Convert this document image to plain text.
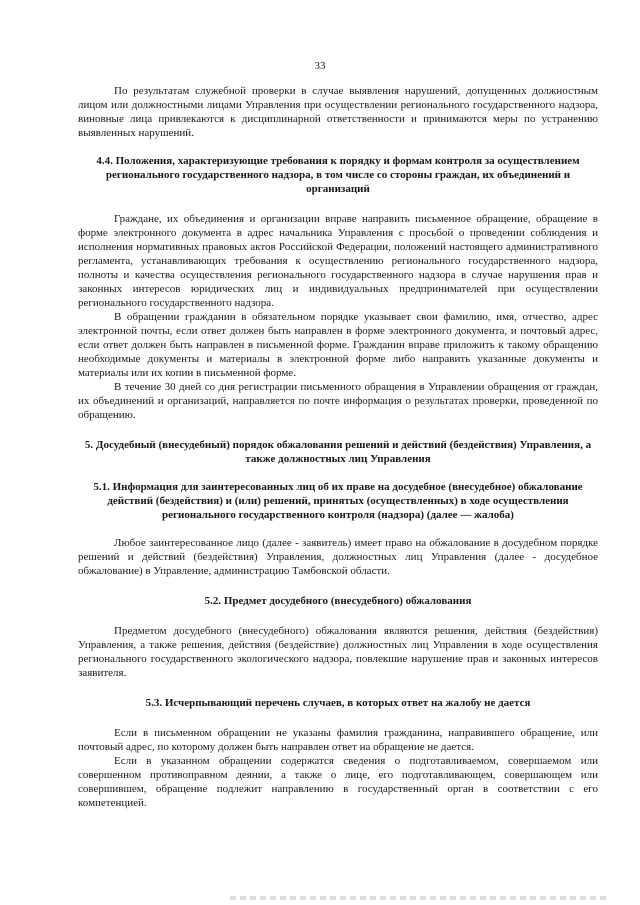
33

По результатам служебной проверки в случае выявления нарушений, допущенных должностным лицом или должностными лицами Управления при осуществлении регионального государственного надзора, виновные лица привлекаются к дисциплинарной ответственности и принимаются меры по устранению выявленных нарушений.

4.4. Положения, характеризующие требования к порядку и формам контроля за осуществлением регионального государственного надзора, в том числе со стороны граждан, их объединений и организаций

Граждане, их объединения и организации вправе направить письменное обращение, обращение в форме электронного документа в адрес начальника Управления с просьбой о проведении соблюдения и исполнения нормативных правовых актов Российской Федерации, положений настоящего административного регламента, устанавливающих требования к осуществлению регионального государственного надзора, полноты и качества осуществления регионального государственного надзора в случае нарушения прав и законных интересов юридических лиц и индивидуальных предпринимателей при осуществлении регионального государственного надзора.

В обращении гражданин в обязательном порядке указывает свои фамилию, имя, отчество, адрес электронной почты, если ответ должен быть направлен в форме электронного документа, и почтовый адрес, если ответ должен быть направлен в письменной форме. Гражданин вправе приложить к такому обращению необходимые документы и материалы в электронной форме либо направить указанные документы и материалы или их копии в письменной форме.

В течение 30 дней со дня регистрации письменного обращения в Управлении обращения от граждан, их объединений и организаций, направляется по почте информация о результатах проверки, проведенной по обращению.

5. Досудебный (внесудебный) порядок обжалования решений и действий (бездействия) Управления, а также должностных лиц Управления
5.1. Информация для заинтересованных лиц об их праве на досудебное (внесудебное) обжалование действий (бездействия) и (или) решений, принятых (осуществленных) в ходе осуществления регионального государственного контроля (надзора) (далее — жалоба)

Любое заинтересованное лицо (далее - заявитель) имеет право на обжалование в досудебном порядке решений и действий (бездействия) Управления, должностных лиц Управления (далее - досудебное обжалование) в Управление, администрацию Тамбовской области.

5.2. Предмет досудебного (внесудебного) обжалования

Предметом досудебного (внесудебного) обжалования являются решения, действия (бездействия) Управления, а также решения, действия (бездействие) должностных лиц Управления в ходе осуществления регионального государственного экологического надзора, повлекшие нарушение прав и законных интересов заявителя.

5.3. Исчерпывающий перечень случаев, в которых ответ на жалобу не дается

Если в письменном обращении не указаны фамилия гражданина, направившего обращение, или почтовый адрес, по которому должен быть направлен ответ на обращение не дается.

Если в указанном обращении содержатся сведения о подготавливаемом, совершаемом или совершенном противоправном деянии, а также о лице, его подготавливающем, совершающем или совершившем, обращение подлежит направлению в государственный орган в соответствии с его компетенцией.
